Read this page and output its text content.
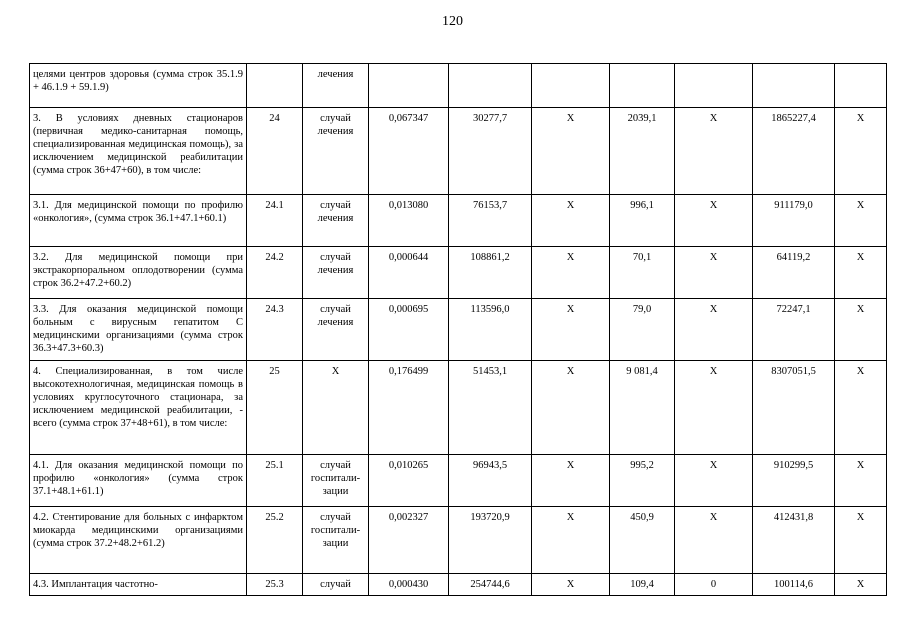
120
целями центров здоровья (сумма строк 35.1.9 + 46.1.9 + 59.1.9)		лечения							
3. В условиях дневных стационаров (первичная медико-санитарная помощь, специализированная медицинская помощь), за исключением медицинской реабилитации (сумма строк 36+47+60), в том числе:	24	случай лечения	0,067347	30277,7	Х	2039,1	Х	1865227,4	Х
3.1. Для медицинской помощи по профилю «онкология», (сумма строк 36.1+47.1+60.1)	24.1	случай лечения	0,013080	76153,7	Х	996,1	Х	911179,0	Х
3.2. Для медицинской помощи при экстракорпоральном оплодотворении (сумма строк 36.2+47.2+60.2)	24.2	случай лечения	0,000644	108861,2	Х	70,1	Х	64119,2	Х
3.3. Для оказания медицинской помощи больным с вирусным гепатитом С медицинскими организациями (сумма строк 36.3+47.3+60.3)	24.3	случай лечения	0,000695	113596,0	Х	79,0	Х	72247,1	Х
4. Специализированная, в том числе высокотехнологичная, медицинская помощь в условиях круглосуточного стационара, за исключением медицинской реабилитации, - всего (сумма строк 37+48+61), в том числе:	25	Х	0,176499	51453,1	Х	9 081,4	Х	8307051,5	Х
4.1. Для оказания медицинской помощи по профилю «онкология» (сумма строк 37.1+48.1+61.1)	25.1	случай госпитали-зации	0,010265	96943,5	Х	995,2	Х	910299,5	Х
4.2. Стентирование для больных с инфарктом миокарда медицинскими организациями (сумма строк 37.2+48.2+61.2)	25.2	случай госпитали-зации	0,002327	193720,9	Х	450,9	Х	412431,8	Х
4.3. Имплантация частотно-	25.3	случай	0,000430	254744,6	Х	109,4	0	100114,6	Х
